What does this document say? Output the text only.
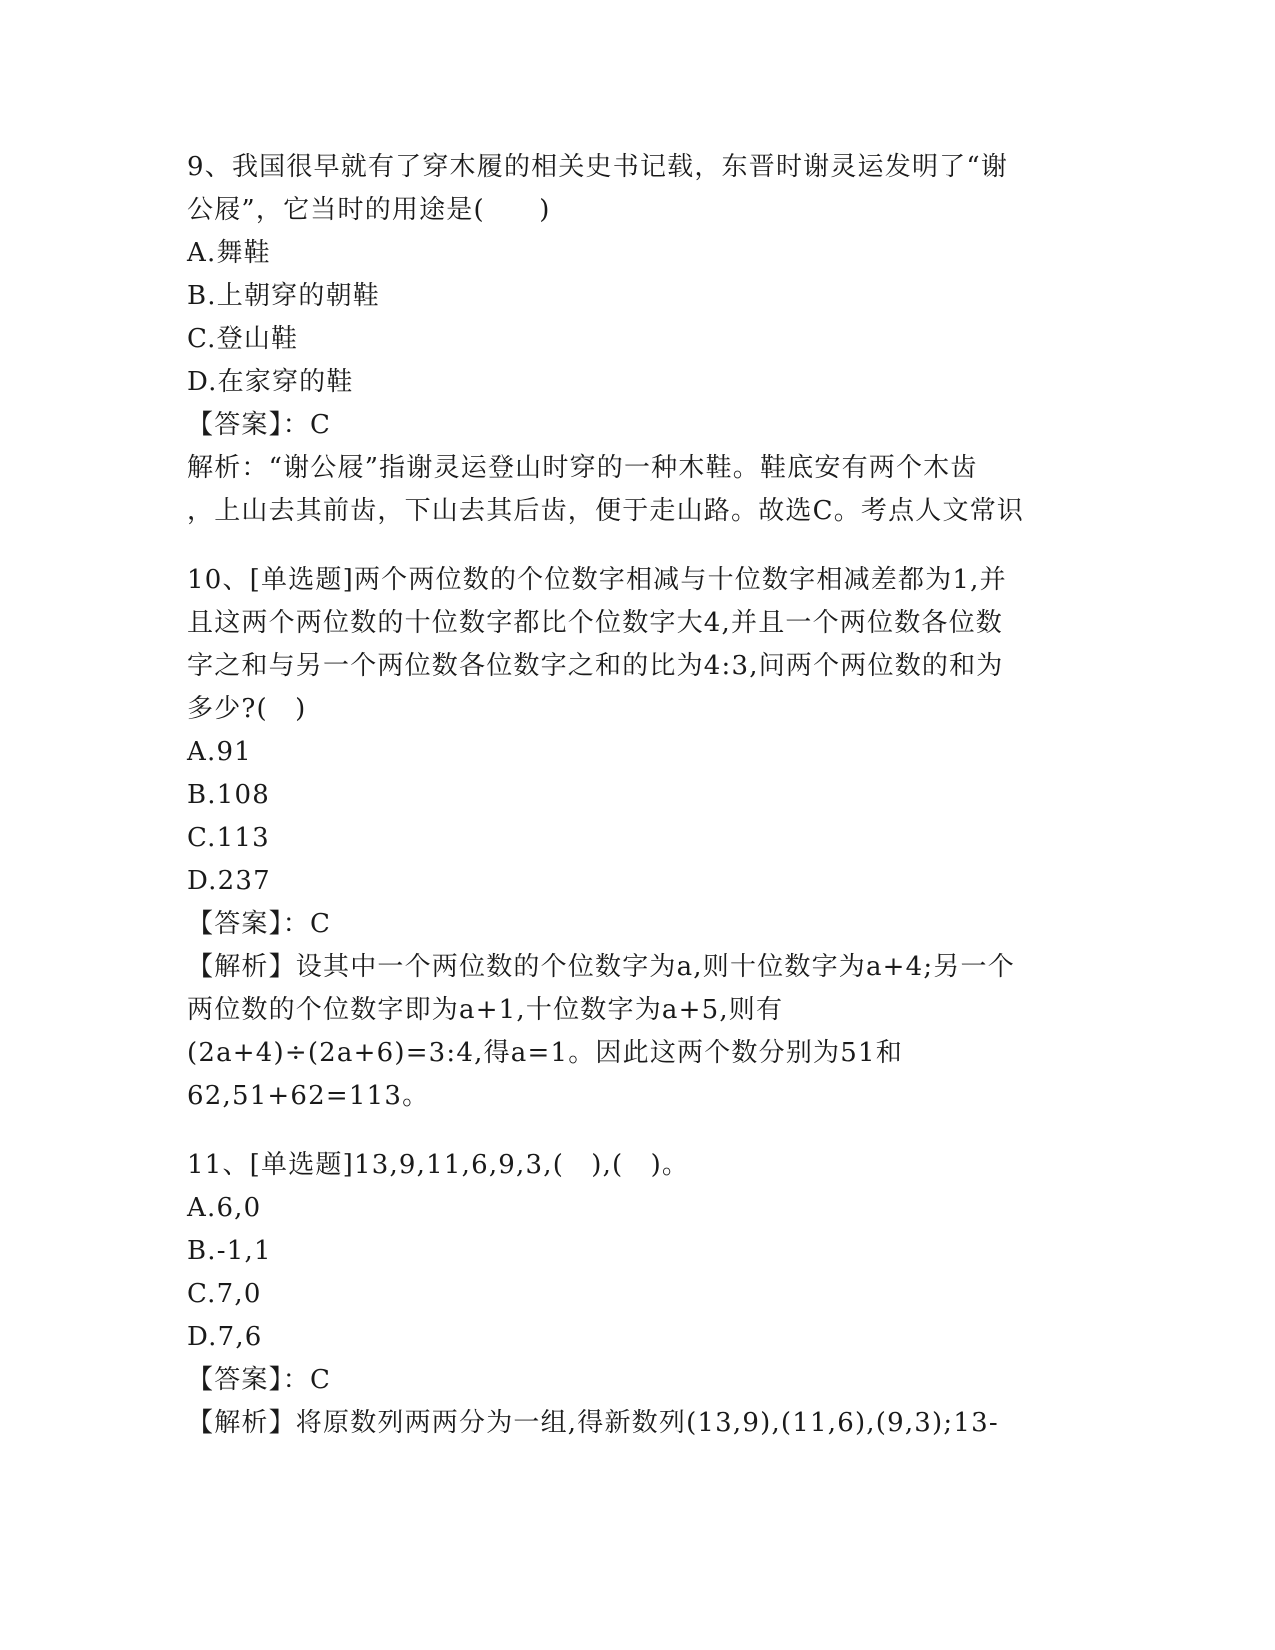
9、我国很早就有了穿木履的相关史书记载，东晋时谢灵运发明了“谢
公屐”，它当时的用途是(　　)
A.舞鞋
B.上朝穿的朝鞋
C.登山鞋
D.在家穿的鞋
【答案】：C
解析：“谢公屐”指谢灵运登山时穿的一种木鞋。鞋底安有两个木齿
，上山去其前齿，下山去其后齿，便于走山路。故选C。考点人文常识
10、[单选题]两个两位数的个位数字相减与十位数字相减差都为1,并
且这两个两位数的十位数字都比个位数字大4,并且一个两位数各位数
字之和与另一个两位数各位数字之和的比为4:3,问两个两位数的和为
多少?(　)
A.91
B.108
C.113
D.237
【答案】：C
【解析】设其中一个两位数的个位数字为a,则十位数字为a+4;另一个
两位数的个位数字即为a+1,十位数字为a+5,则有
(2a+4)÷(2a+6)=3:4,得a=1。因此这两个数分别为51和
62,51+62=113。
11、[单选题]13,9,11,6,9,3,(　),(　)。
A.6,0
B.-1,1
C.7,0
D.7,6
【答案】：C
【解析】将原数列两两分为一组,得新数列(13,9),(11,6),(9,3);13-
